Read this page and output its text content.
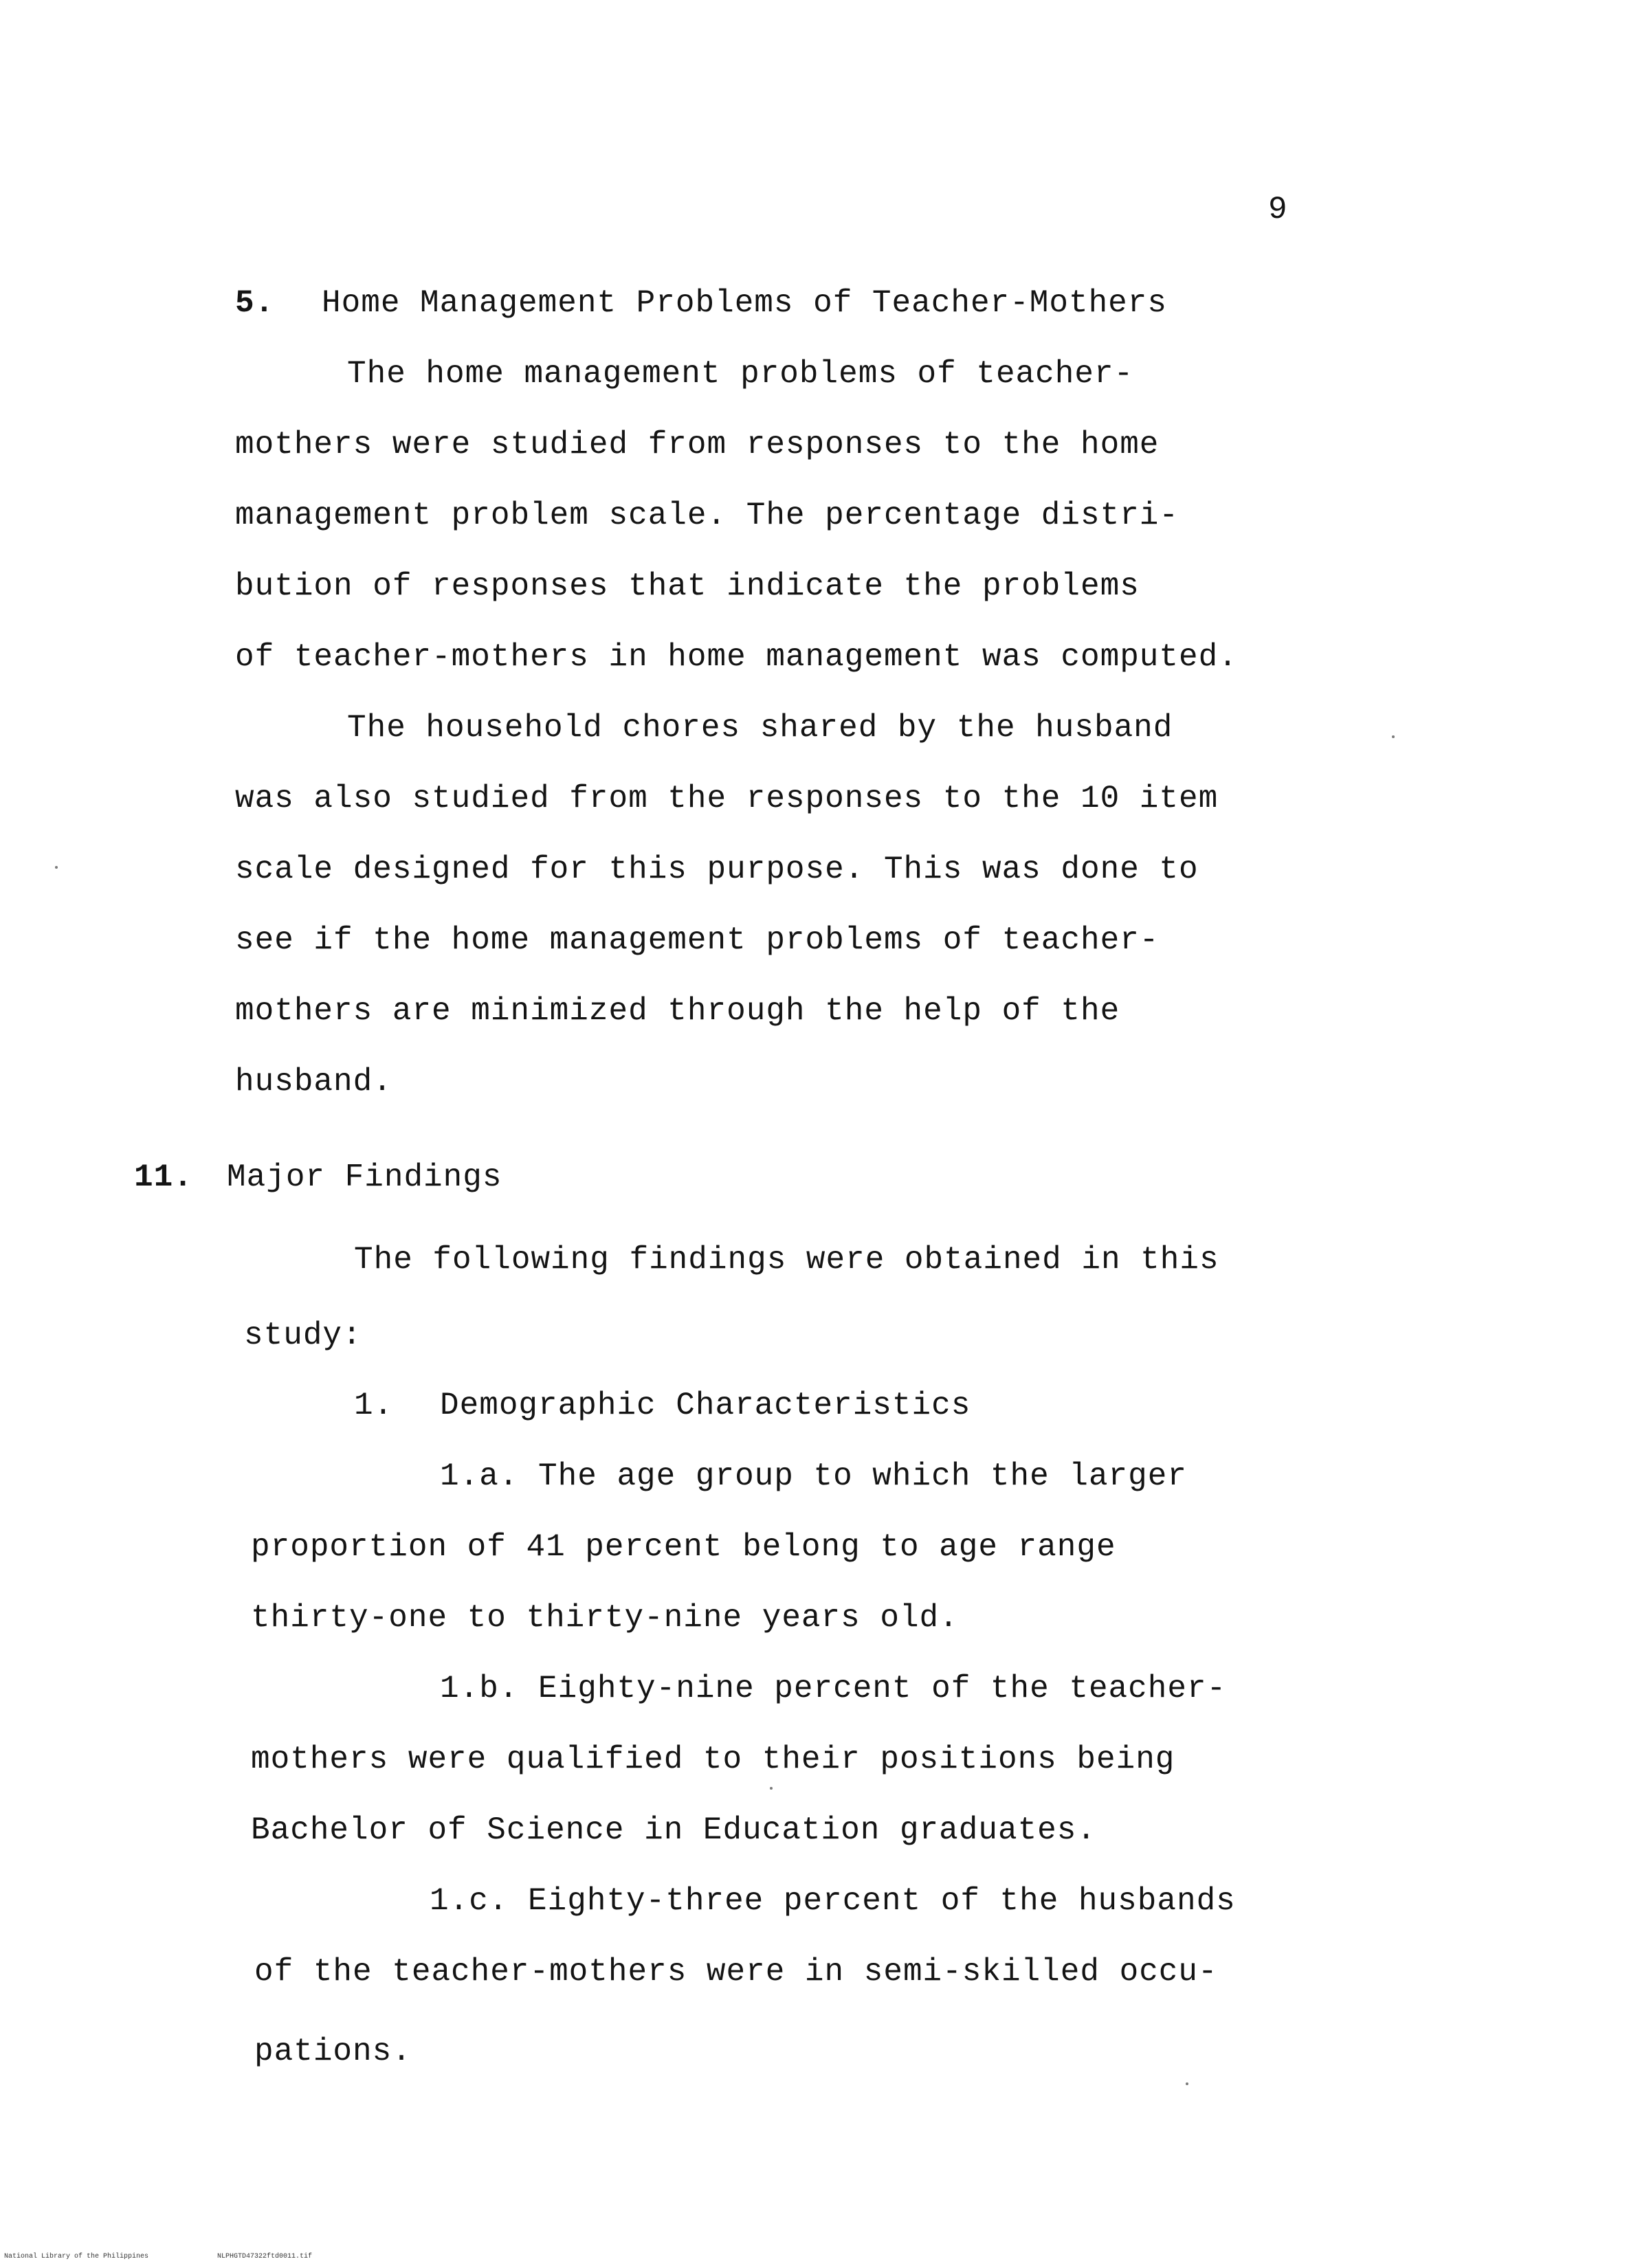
9
5. Home Management Problems of Teacher-Mothers
The home management problems of teacher-
mothers were studied from responses to the home
management problem scale. The percentage distri-
bution of responses that indicate the problems
of teacher-mothers in home management was computed.
The household chores shared by the husband
was also studied from the responses to the 10 item
scale designed for this purpose. This was done to
see if the home management problems of teacher-
mothers are minimized through the help of the
husband.
11. Major Findings
The following findings were obtained in this
study:
1. Demographic Characteristics
1.a. The age group to which the larger
proportion of 41 percent belong to age range
thirty-one to thirty-nine years old.
1.b. Eighty-nine percent of the teacher-
mothers were qualified to their positions being
Bachelor of Science in Education graduates.
1.c. Eighty-three percent of the husbands
of the teacher-mothers were in semi-skilled occu-
pations.
National Library of the Philippines	NLPHGTD47322ftd0011.tif
